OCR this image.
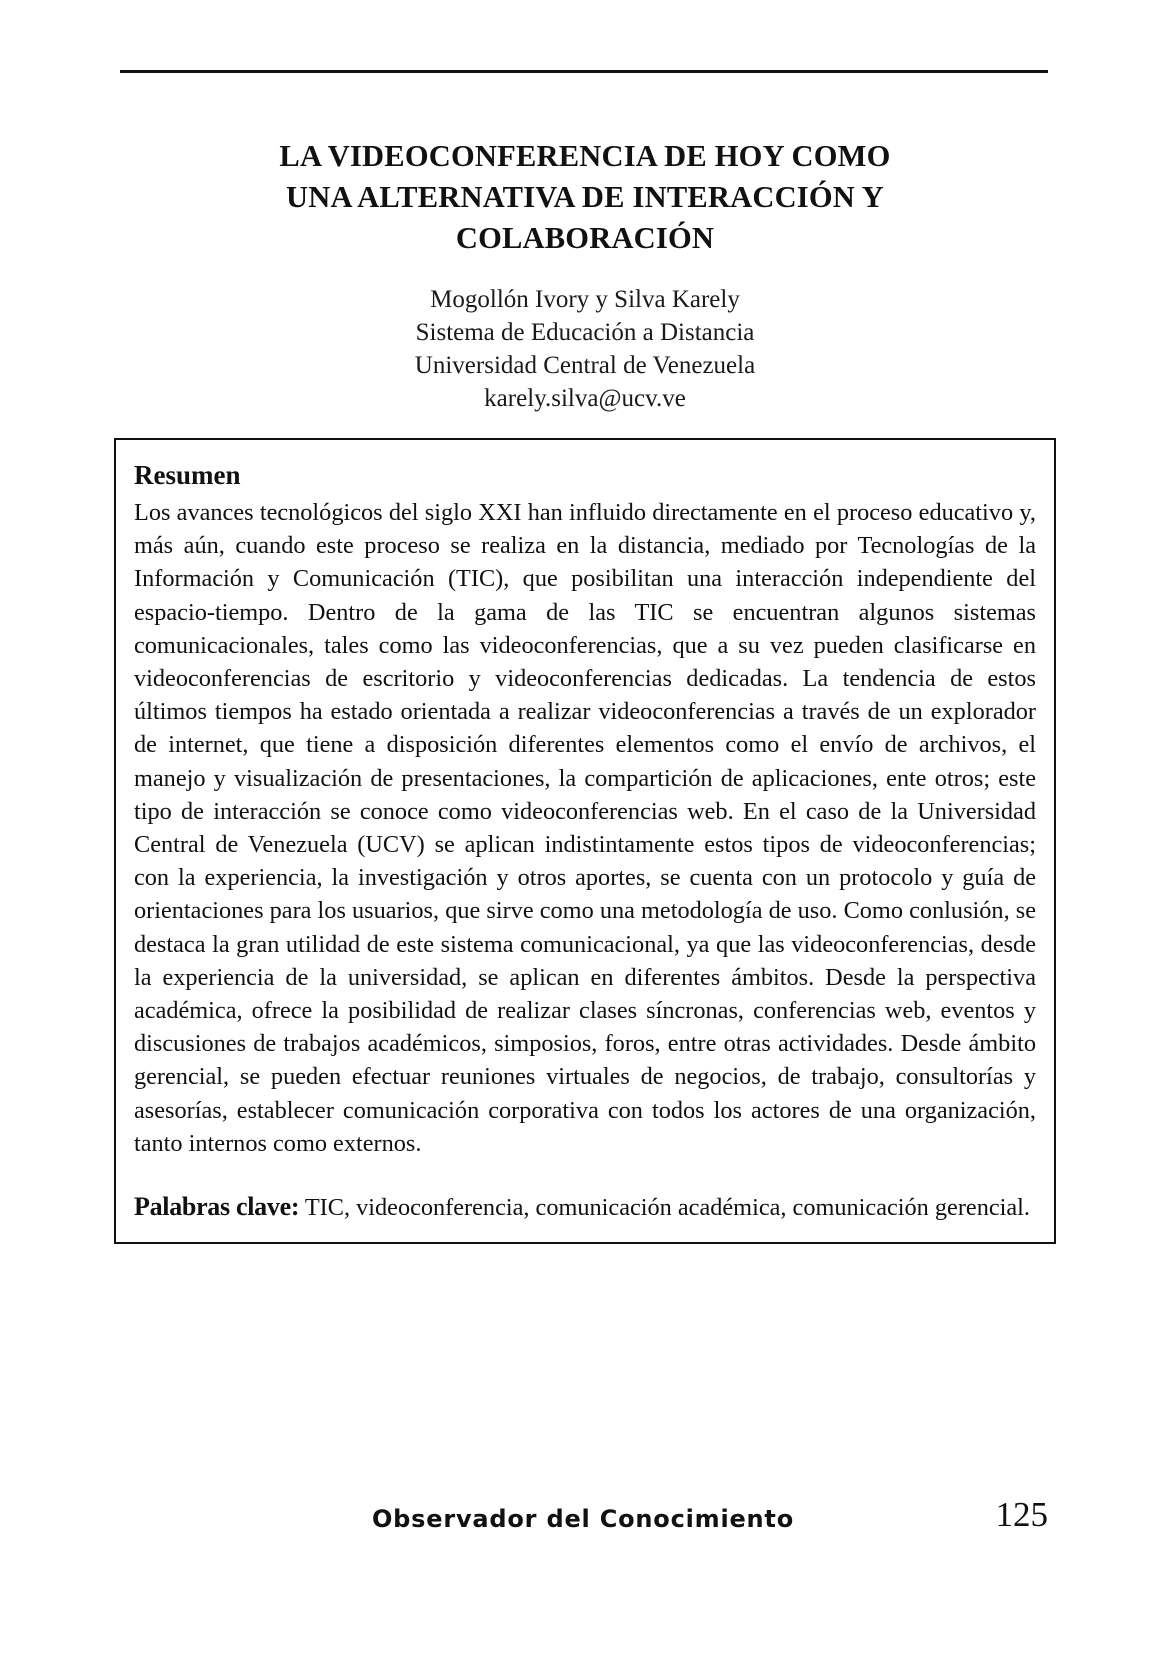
LA VIDEOCONFERENCIA DE HOY COMO
UNA ALTERNATIVA DE INTERACCIÓN Y
COLABORACIÓN
Mogollón Ivory y Silva Karely
Sistema de Educación a Distancia
Universidad Central de Venezuela
karely.silva@ucv.ve
Resumen

Los avances tecnológicos del siglo XXI han influido directamente en el proceso educativo y, más aún, cuando este proceso se realiza en la distancia, mediado por Tecnologías de la Información y Comunicación (TIC), que posibilitan una interacción independiente del espacio-tiempo. Dentro de la gama de las TIC se encuentran algunos sistemas comunicacionales, tales como las videoconferencias, que a su vez pueden clasificarse en videoconferencias de escritorio y videoconferencias dedicadas. La tendencia de estos últimos tiempos ha estado orientada a realizar videoconferencias a través de un explorador de internet, que tiene a disposición diferentes elementos como el envío de archivos, el manejo y visualización de presentaciones, la compartición de aplicaciones, ente otros; este tipo de interacción se conoce como videoconferencias web. En el caso de la Universidad Central de Venezuela (UCV) se aplican indistintamente estos tipos de videoconferencias; con la experiencia, la investigación y otros aportes, se cuenta con un protocolo y guía de orientaciones para los usuarios, que sirve como una metodología de uso. Como conlusión, se destaca la gran utilidad de este sistema comunicacional, ya que las videoconferencias, desde la experiencia de la universidad, se aplican en diferentes ámbitos. Desde la perspectiva académica, ofrece la posibilidad de realizar clases síncronas, conferencias web, eventos y discusiones de trabajos académicos, simposios, foros, entre otras actividades. Desde ámbito gerencial, se pueden efectuar reuniones virtuales de negocios, de trabajo, consultorías y asesorías, establecer comunicación corporativa con todos los actores de una organización, tanto internos como externos.

Palabras clave: TIC, videoconferencia, comunicación académica, comunicación gerencial.

Observador del Conocimiento	125
